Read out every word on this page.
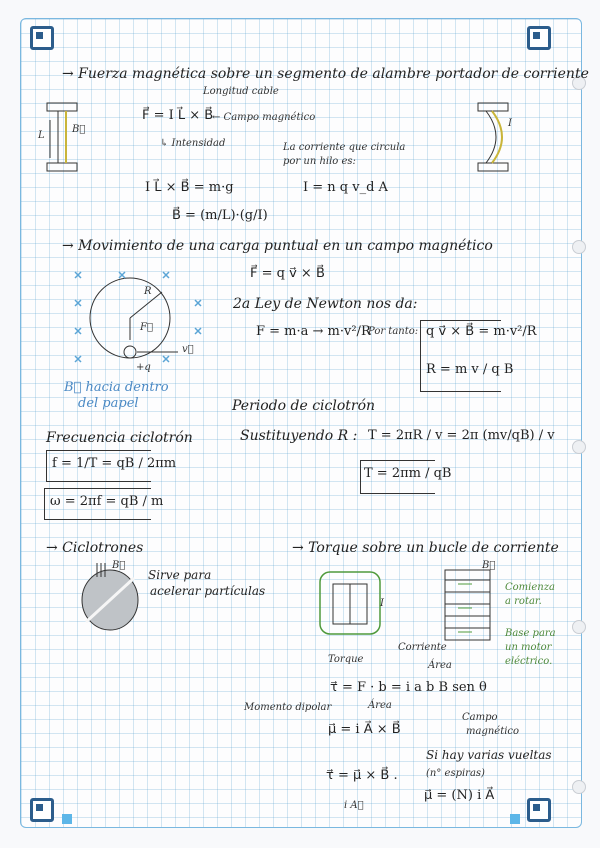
→ Fuerza magnética sobre un segmento de alambre portador de corriente
Longitud cable
F⃗ = I L⃗ × B⃗
← Campo magnético
↳ Intensidad	La corriente que circula
por un hilo es:
I L⃗ × B⃗ = m·g	I = n q v_d A
B⃗ = (m/L)·(g/I)
L
B⃗
I
→ Movimiento de una carga puntual en un campo magnético
F⃗ = q v⃗ × B⃗
2a Ley de Newton nos da:
F = m·a → m·v²/R
Por tanto: q v⃗ × B⃗ = m·v²/R
R = m v / q B
B⃗ hacia dentro
del papel
R
F⃗
v⃗
+q
Periodo de ciclotrón
Sustituyendo R : T = 2πR / v = 2π (mv/qB) / v
T = 2πm / qB
Frecuencia ciclotrón
f = 1/T = qB / 2πm
ω = 2πf = qB / m
→ Ciclotrones
B⃗
Sirve para
acelerar partículas
→ Torque sobre un bucle de corriente
I
B⃗
Comienza
a rotar.
Base para
un motor
eléctrico.
Corriente
Área
Torque
τ⃗ = F · b = i a b B sen θ
Campo
magnético
Momento dipolar	Área
μ⃗ = i A⃗ × B⃗
τ⃗ = μ⃗ × B⃗ .
i A⃗
Si hay varias vueltas
(n° espiras)
μ⃗ = (N) i A⃗
